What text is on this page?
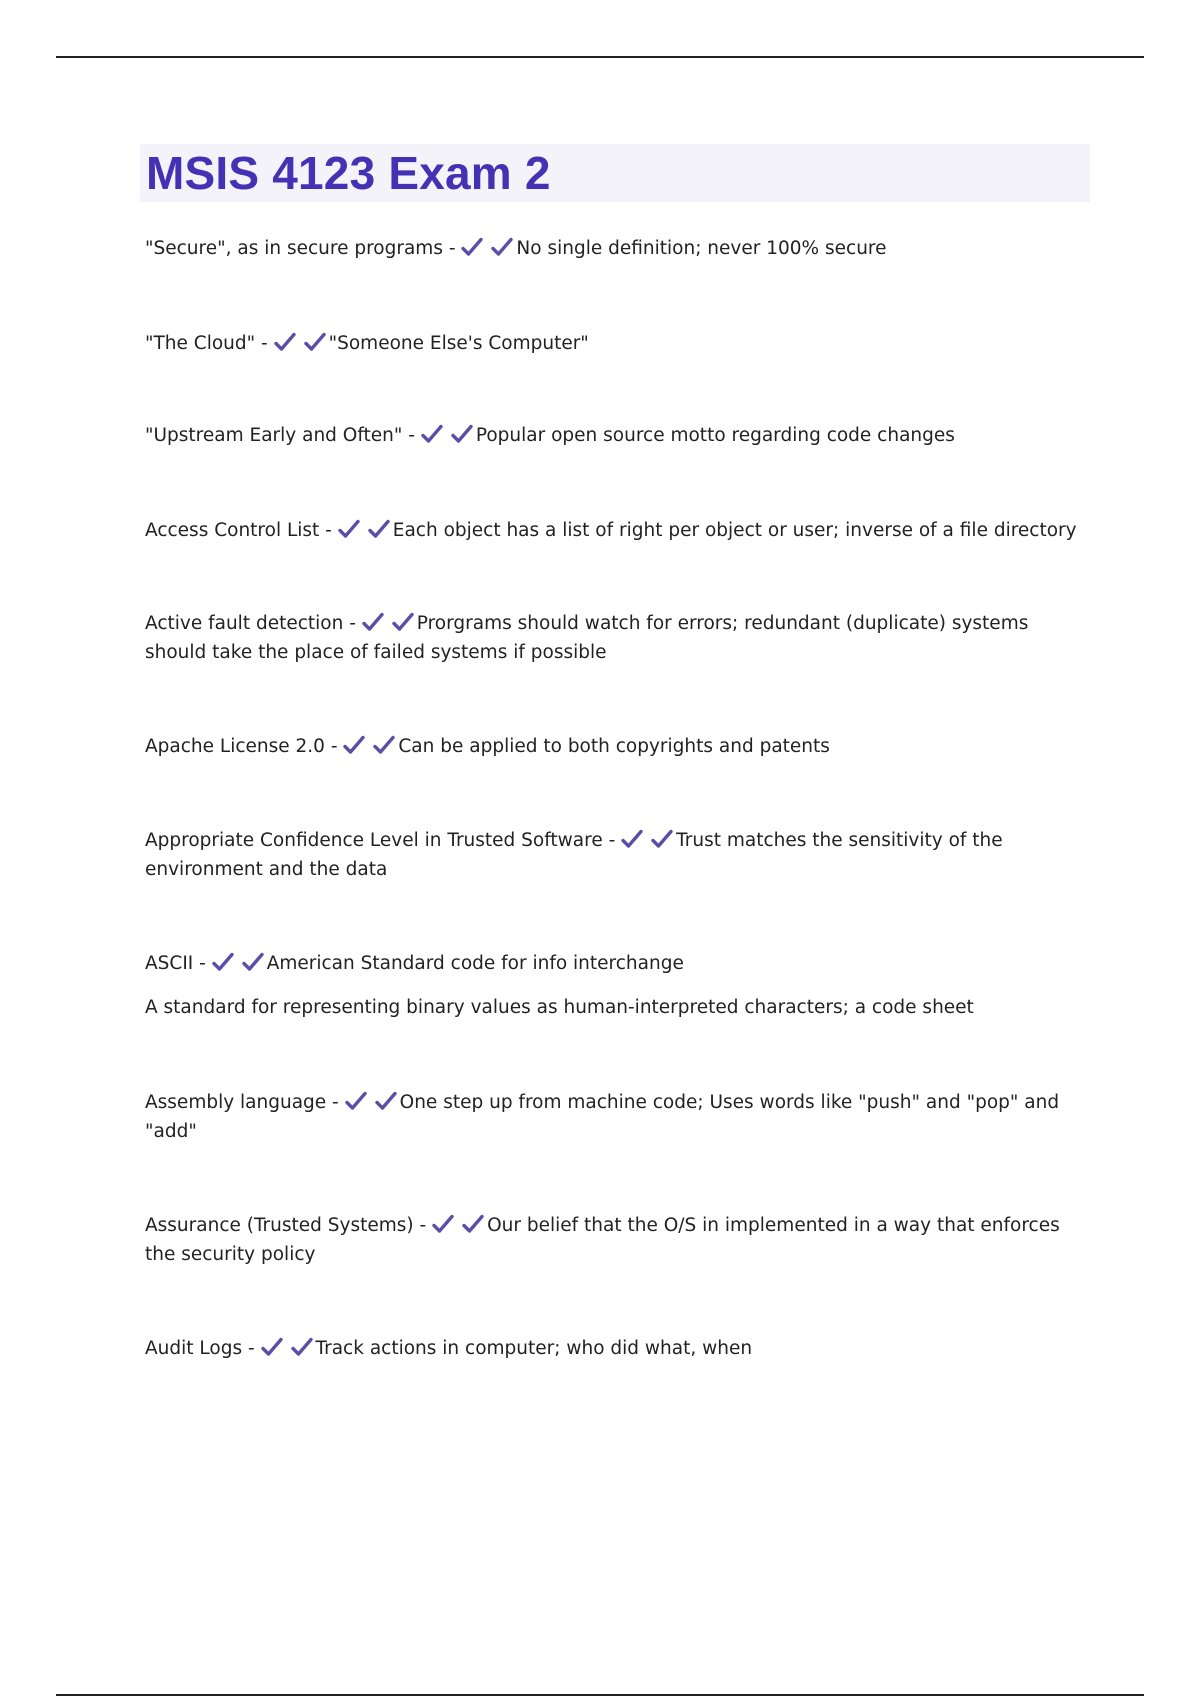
MSIS 4123 Exam 2
"Secure", as in secure programs -	No single definition; never 100% secure
"The Cloud" -	"Someone Else's Computer"
"Upstream Early and Often" -	Popular open source motto regarding code changes
Access Control List -	Each object has a list of right per object or user; inverse of a file directory
Active fault detection -	Prorgrams should watch for errors; redundant (duplicate) systems should take the place of failed systems if possible
Apache License 2.0 -	Can be applied to both copyrights and patents
Appropriate Confidence Level in Trusted Software -	Trust matches the sensitivity of the environment and the data
ASCII -	American Standard code for info interchange
A standard for representing binary values as human-interpreted characters; a code sheet
Assembly language -	One step up from machine code; Uses words like "push" and "pop" and "add"
Assurance (Trusted Systems) -	Our belief that the O/S in implemented in a way that enforces the security policy
Audit Logs -	Track actions in computer; who did what, when
